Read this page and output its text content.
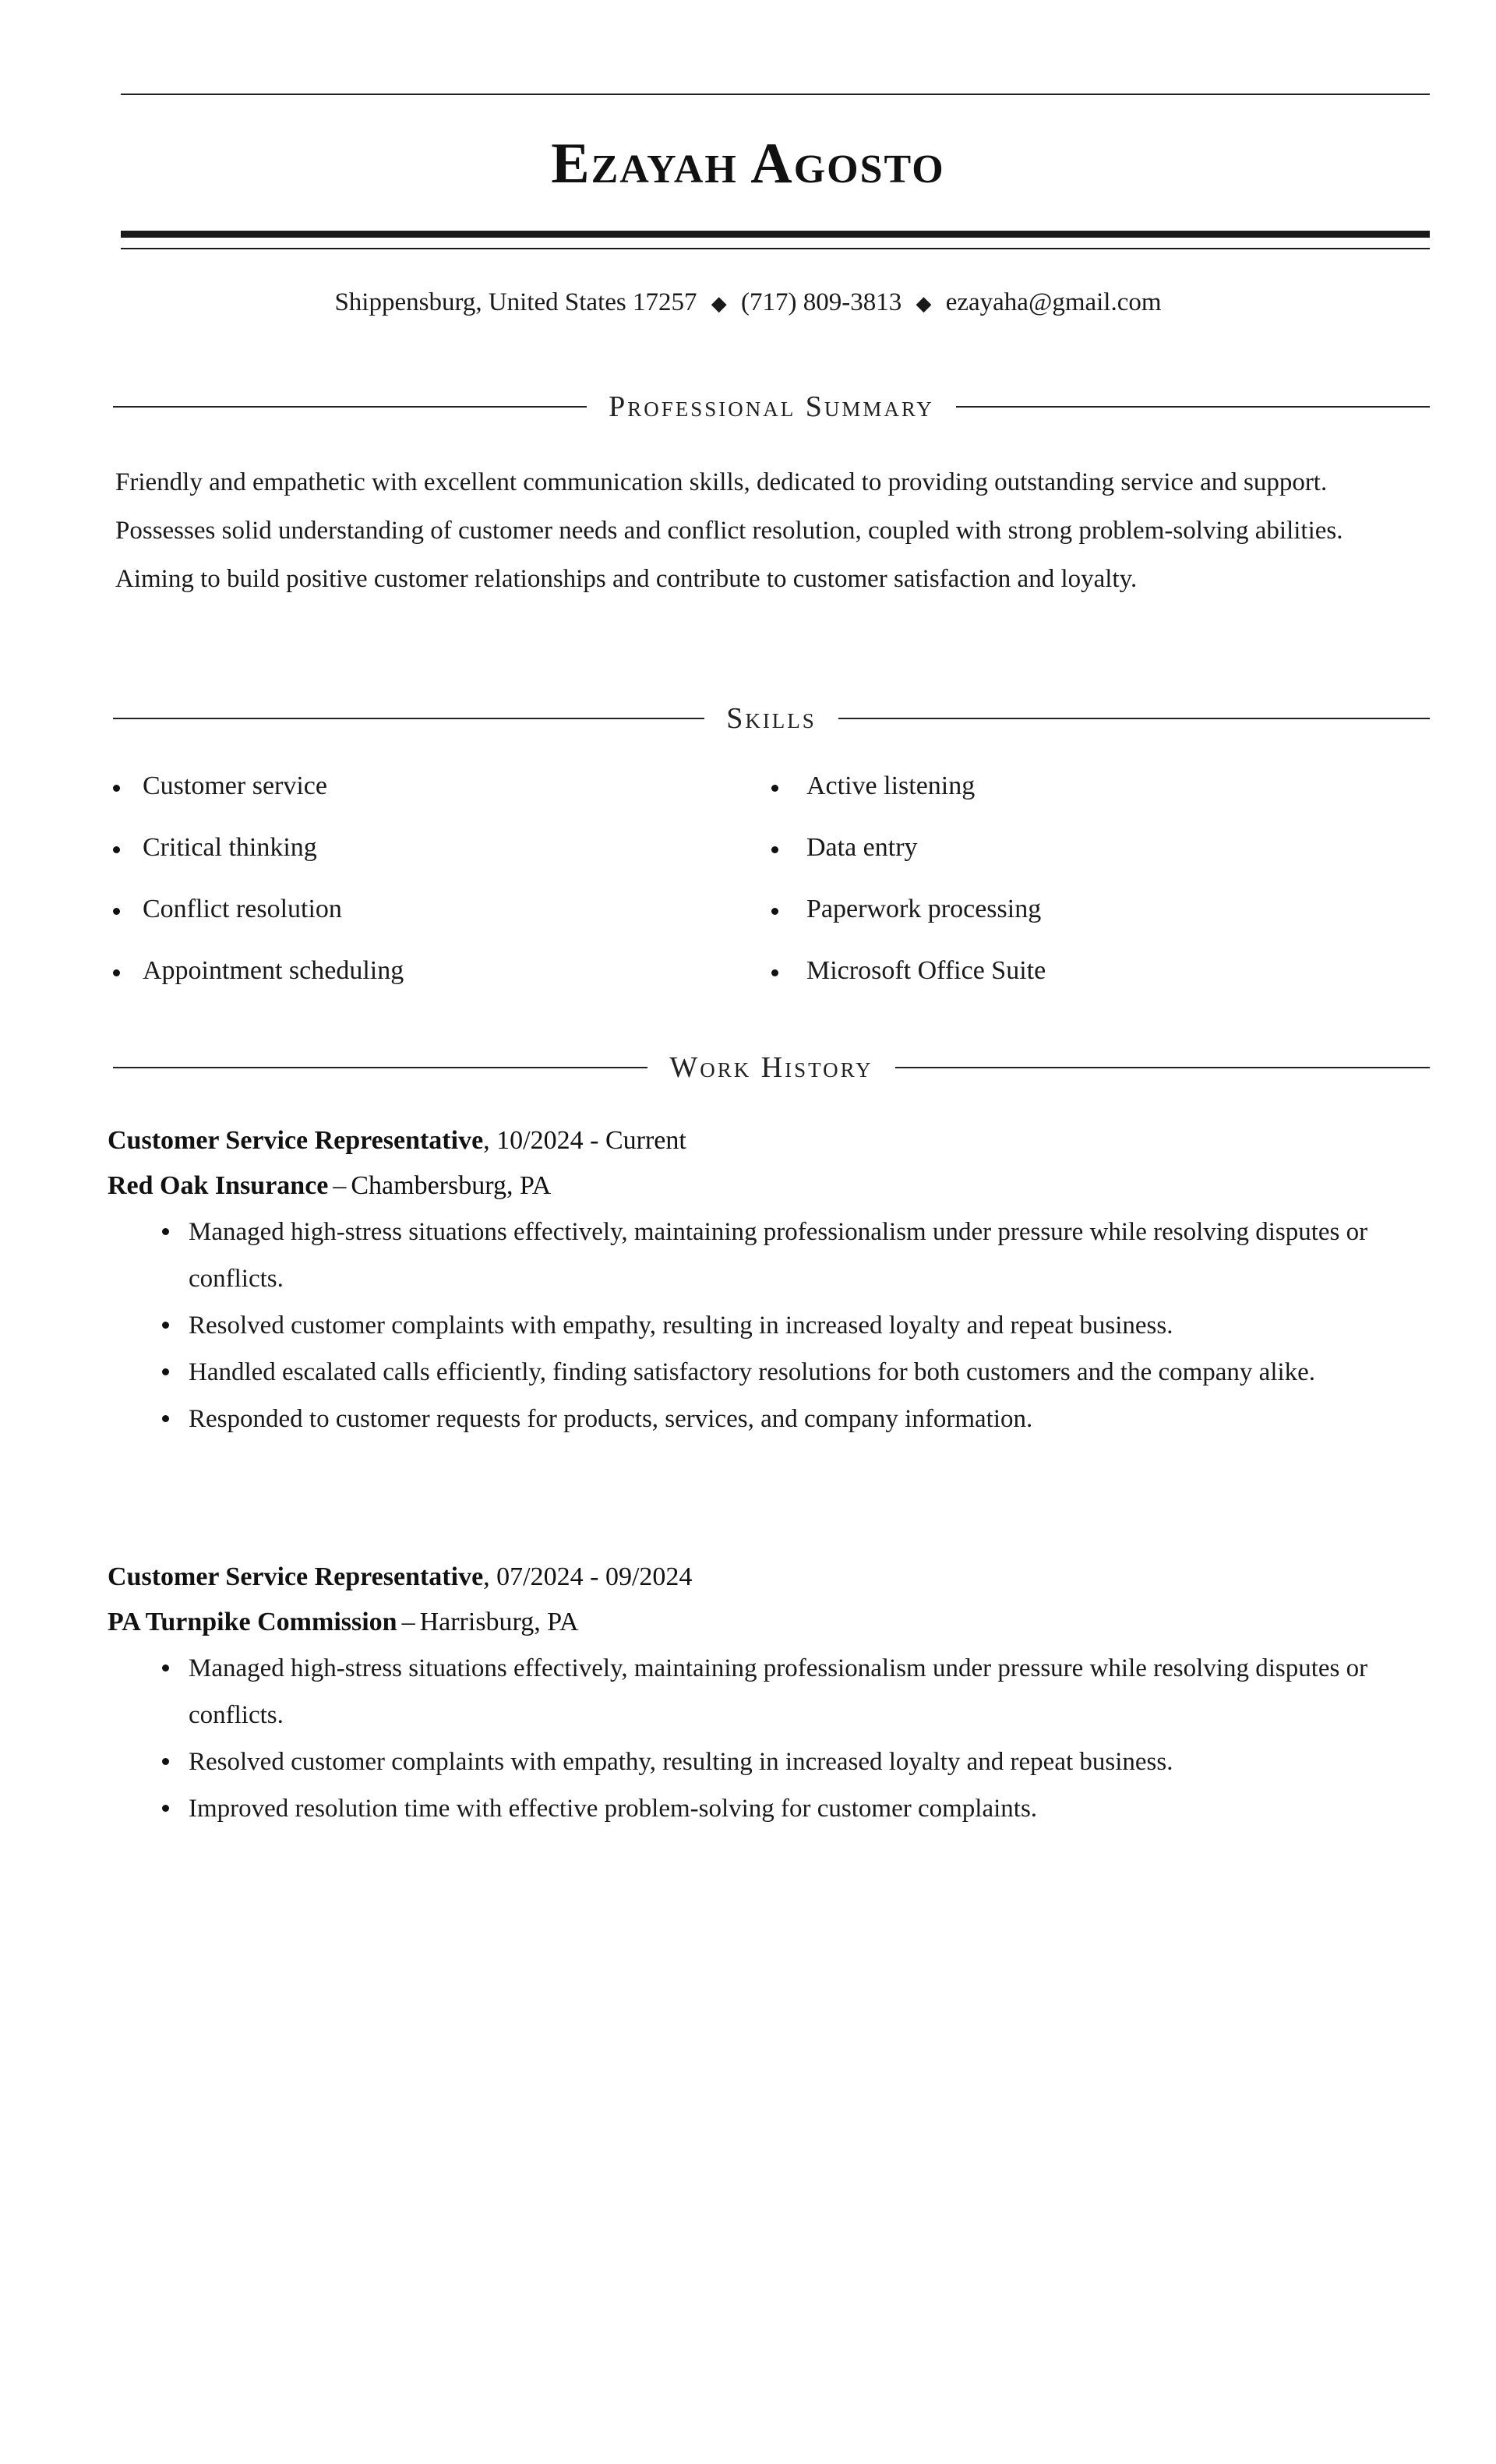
Ezayah Agosto
Shippensburg, United States 17257 ◆ (717) 809-3813 ◆ ezayaha@gmail.com
Professional Summary
Friendly and empathetic with excellent communication skills, dedicated to providing outstanding service and support. Possesses solid understanding of customer needs and conflict resolution, coupled with strong problem-solving abilities. Aiming to build positive customer relationships and contribute to customer satisfaction and loyalty.
Skills
Customer service
Critical thinking
Conflict resolution
Appointment scheduling
Active listening
Data entry
Paperwork processing
Microsoft Office Suite
Work History
Customer Service Representative, 10/2024 - Current
Red Oak Insurance – Chambersburg, PA
Managed high-stress situations effectively, maintaining professionalism under pressure while resolving disputes or conflicts.
Resolved customer complaints with empathy, resulting in increased loyalty and repeat business.
Handled escalated calls efficiently, finding satisfactory resolutions for both customers and the company alike.
Responded to customer requests for products, services, and company information.
Customer Service Representative, 07/2024 - 09/2024
PA Turnpike Commission – Harrisburg, PA
Managed high-stress situations effectively, maintaining professionalism under pressure while resolving disputes or conflicts.
Resolved customer complaints with empathy, resulting in increased loyalty and repeat business.
Improved resolution time with effective problem-solving for customer complaints.
